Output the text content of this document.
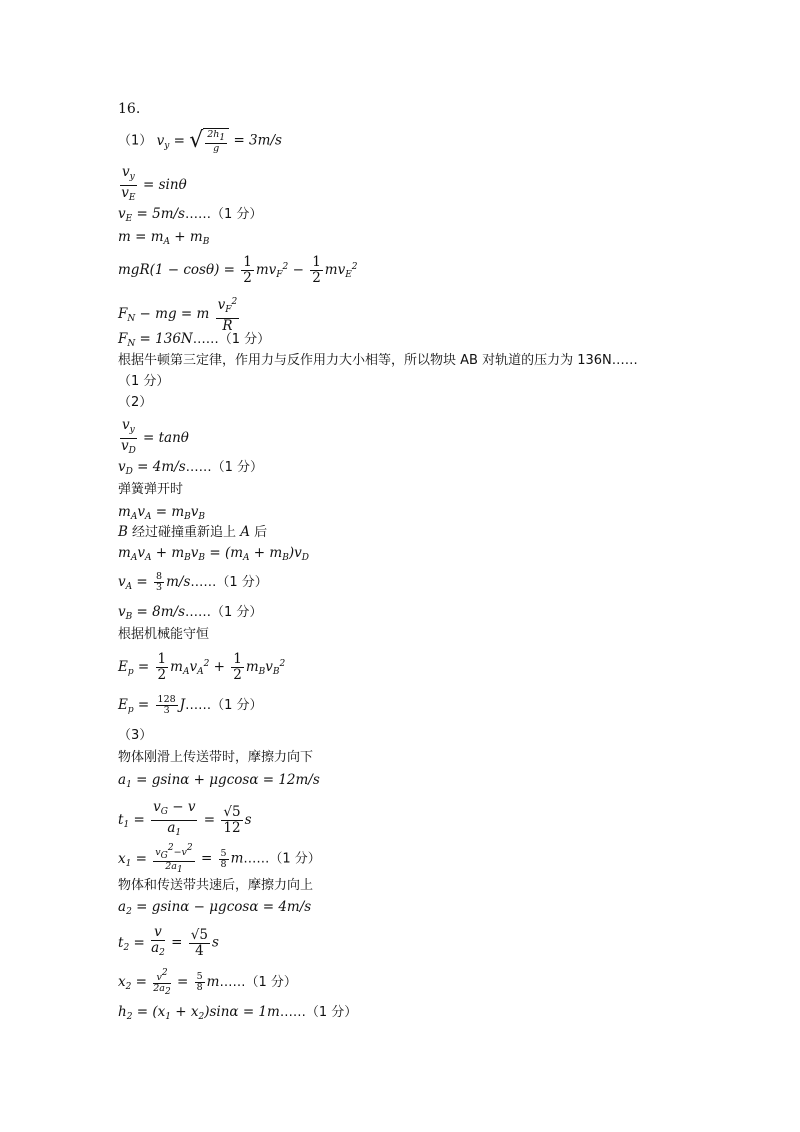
16.
（1） $v_y$ = √ $\frac{2h_1}{g} = 3m/s$
$\frac{v_y}{v_E} = \sin\theta$
$v_E$ = 5m/s……（1 分）
$m = m_A + m_B$
$mgR(1 - \cos\theta) = \frac{1}{2} mv_F^2 - \frac{1}{2} mv_E^2$
$F_N$ − mg = m $\frac{v_F^2}{R}$
$F_N$ = 136N……（1 分）
根据牛顿第三定律，作用力与反作用力大小相等，所以物块 AB 对轨道的压力为 136N……
（1 分）
（2）
$\frac{v_y}{v_D} = \tan\theta$
$v_D$ = 4m/s……（1 分）
弹簧弹开时
$m_Av_A = m_Bv_B$
B 经过碰撞重新追上 A 后
$m_Av_A + m_Bv_B = (m_A + m_B)v_D$
$v_A = \frac{8}{3}$ m/s……（1 分）
$v_B$ = 8m/s……（1 分）
根据机械能守恒
$E_p = \frac{1}{2} m_Av_A^2 + \frac{1}{2} m_Bv_B^2$
$E_p = \frac{128}{3}$ J……（1 分）
（3）
物体刚滑上传送带时，摩擦力向下
$a_1 = gsin\alpha + \mu gcos\alpha = 12m/s$
$t_1 = \frac{v_G - v}{a_1} = \frac{√5}{12}$ s
$x_1 = \frac{v_G^2-v^2}{2a_1} = \frac{5}{8}$ m……（1 分）
物体和传送带共速后，摩擦力向上
$a_2 = gsin\alpha - \mu gcos\alpha = 4m/s$
$t_2 = \frac{v}{a_2} = \frac{√5}{4}$ s
$x_2 = \frac{v^2}{2a_2} = \frac{5}{8}$ m……（1 分）
$h_2 = (x_1 + x_2)\sin\alpha$ = 1m……（1 分）
